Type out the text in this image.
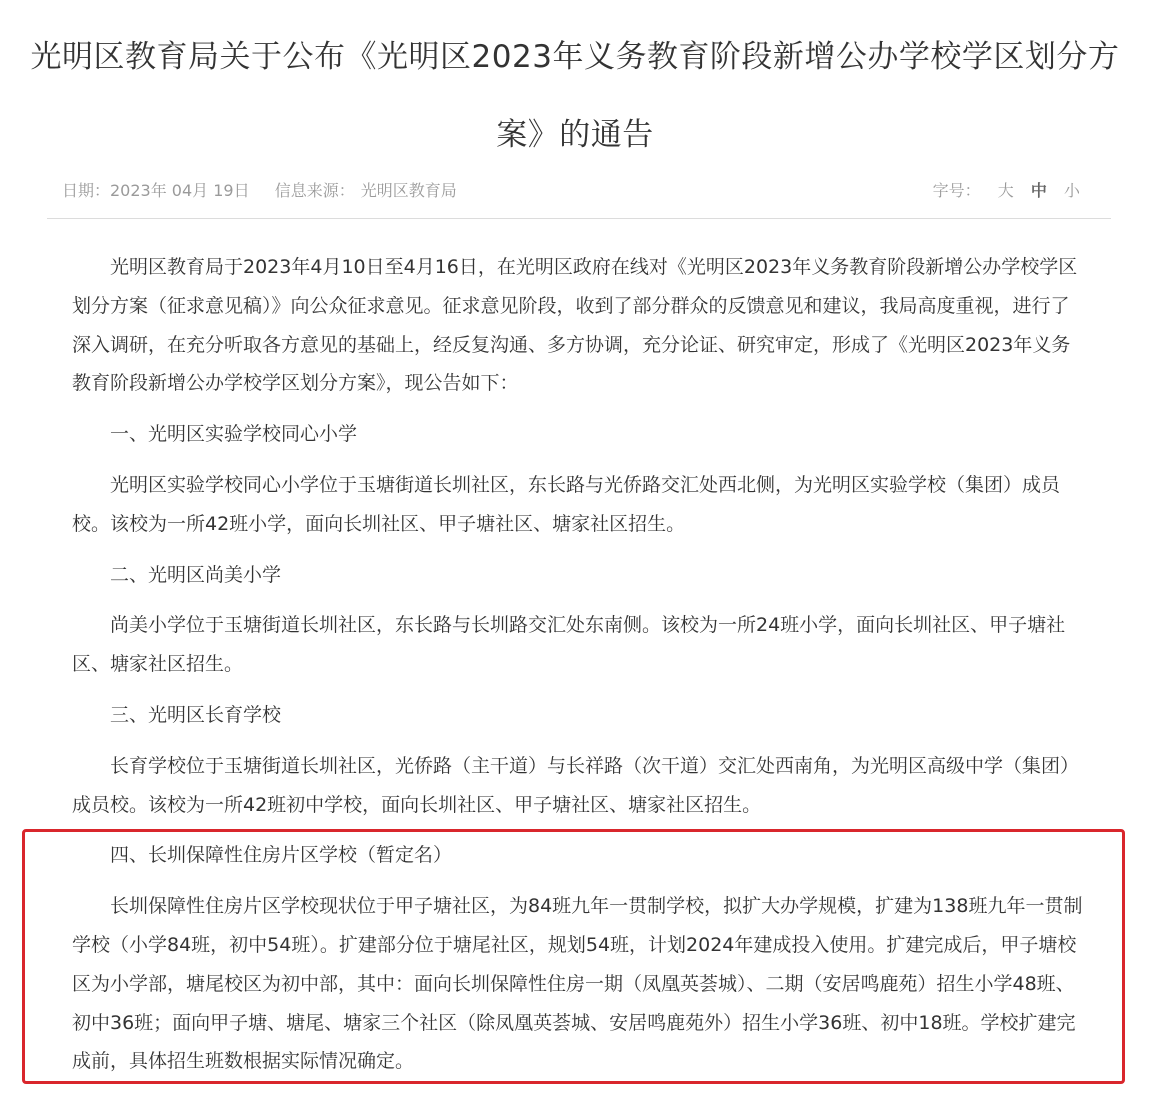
光明区教育局关于公布《光明区2023年义务教育阶段新增公办学校学区划分方案》的通告
日期：2023年 04月 19日 信息来源： 光明区教育局	字号： 大 中 小

光明区教育局于2023年4月10日至4月16日，在光明区政府在线对《光明区2023年义务教育阶段新增公办学校学区划分方案（征求意见稿）》向公众征求意见。征求意见阶段，收到了部分群众的反馈意见和建议，我局高度重视，进行了深入调研，在充分听取各方意见的基础上，经反复沟通、多方协调，充分论证、研究审定，形成了《光明区2023年义务教育阶段新增公办学校学区划分方案》，现公告如下：

一、光明区实验学校同心小学

光明区实验学校同心小学位于玉塘街道长圳社区，东长路与光侨路交汇处西北侧，为光明区实验学校（集团）成员校。该校为一所42班小学，面向长圳社区、甲子塘社区、塘家社区招生。

二、光明区尚美小学

尚美小学位于玉塘街道长圳社区，东长路与长圳路交汇处东南侧。该校为一所24班小学，面向长圳社区、甲子塘社区、塘家社区招生。

三、光明区长育学校

长育学校位于玉塘街道长圳社区，光侨路（主干道）与长祥路（次干道）交汇处西南角，为光明区高级中学（集团）成员校。该校为一所42班初中学校，面向长圳社区、甲子塘社区、塘家社区招生。

四、长圳保障性住房片区学校（暂定名）

长圳保障性住房片区学校现状位于甲子塘社区，为84班九年一贯制学校，拟扩大办学规模，扩建为138班九年一贯制学校（小学84班，初中54班）。扩建部分位于塘尾社区，规划54班，计划2024年建成投入使用。扩建完成后，甲子塘校区为小学部，塘尾校区为初中部，其中：面向长圳保障性住房一期（凤凰英荟城）、二期（安居鸣鹿苑）招生小学48班、初中36班；面向甲子塘、塘尾、塘家三个社区（除凤凰英荟城、安居鸣鹿苑外）招生小学36班、初中18班。学校扩建完成前，具体招生班数根据实际情况确定。
